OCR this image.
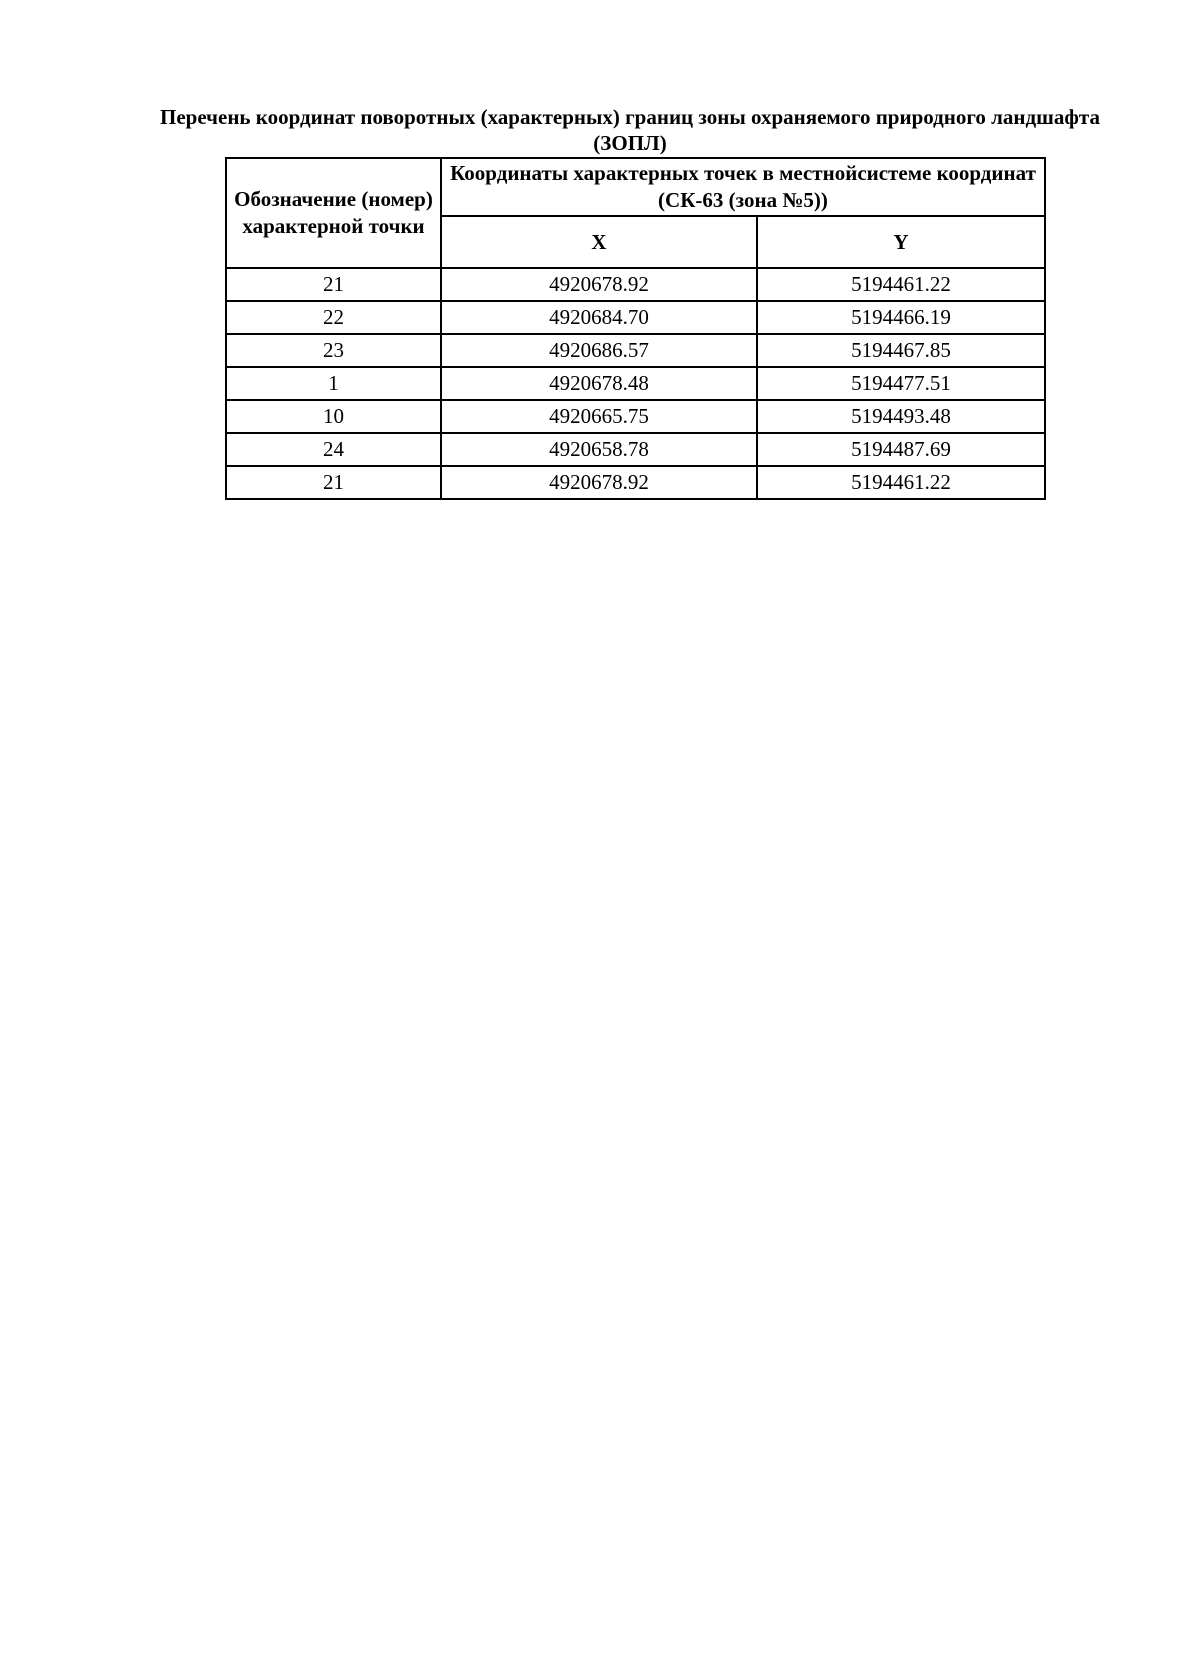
Перечень координат поворотных (характерных) границ зоны охраняемого природного ландшафта (ЗОПЛ)
Обозначение (номер) характерной точки	Координаты характерных точек в местнойсистеме координат (СК-63 (зона №5))	
	X	Y
21	4920678.92	5194461.22
22	4920684.70	5194466.19
23	4920686.57	5194467.85
1	4920678.48	5194477.51
10	4920665.75	5194493.48
24	4920658.78	5194487.69
21	4920678.92	5194461.22
